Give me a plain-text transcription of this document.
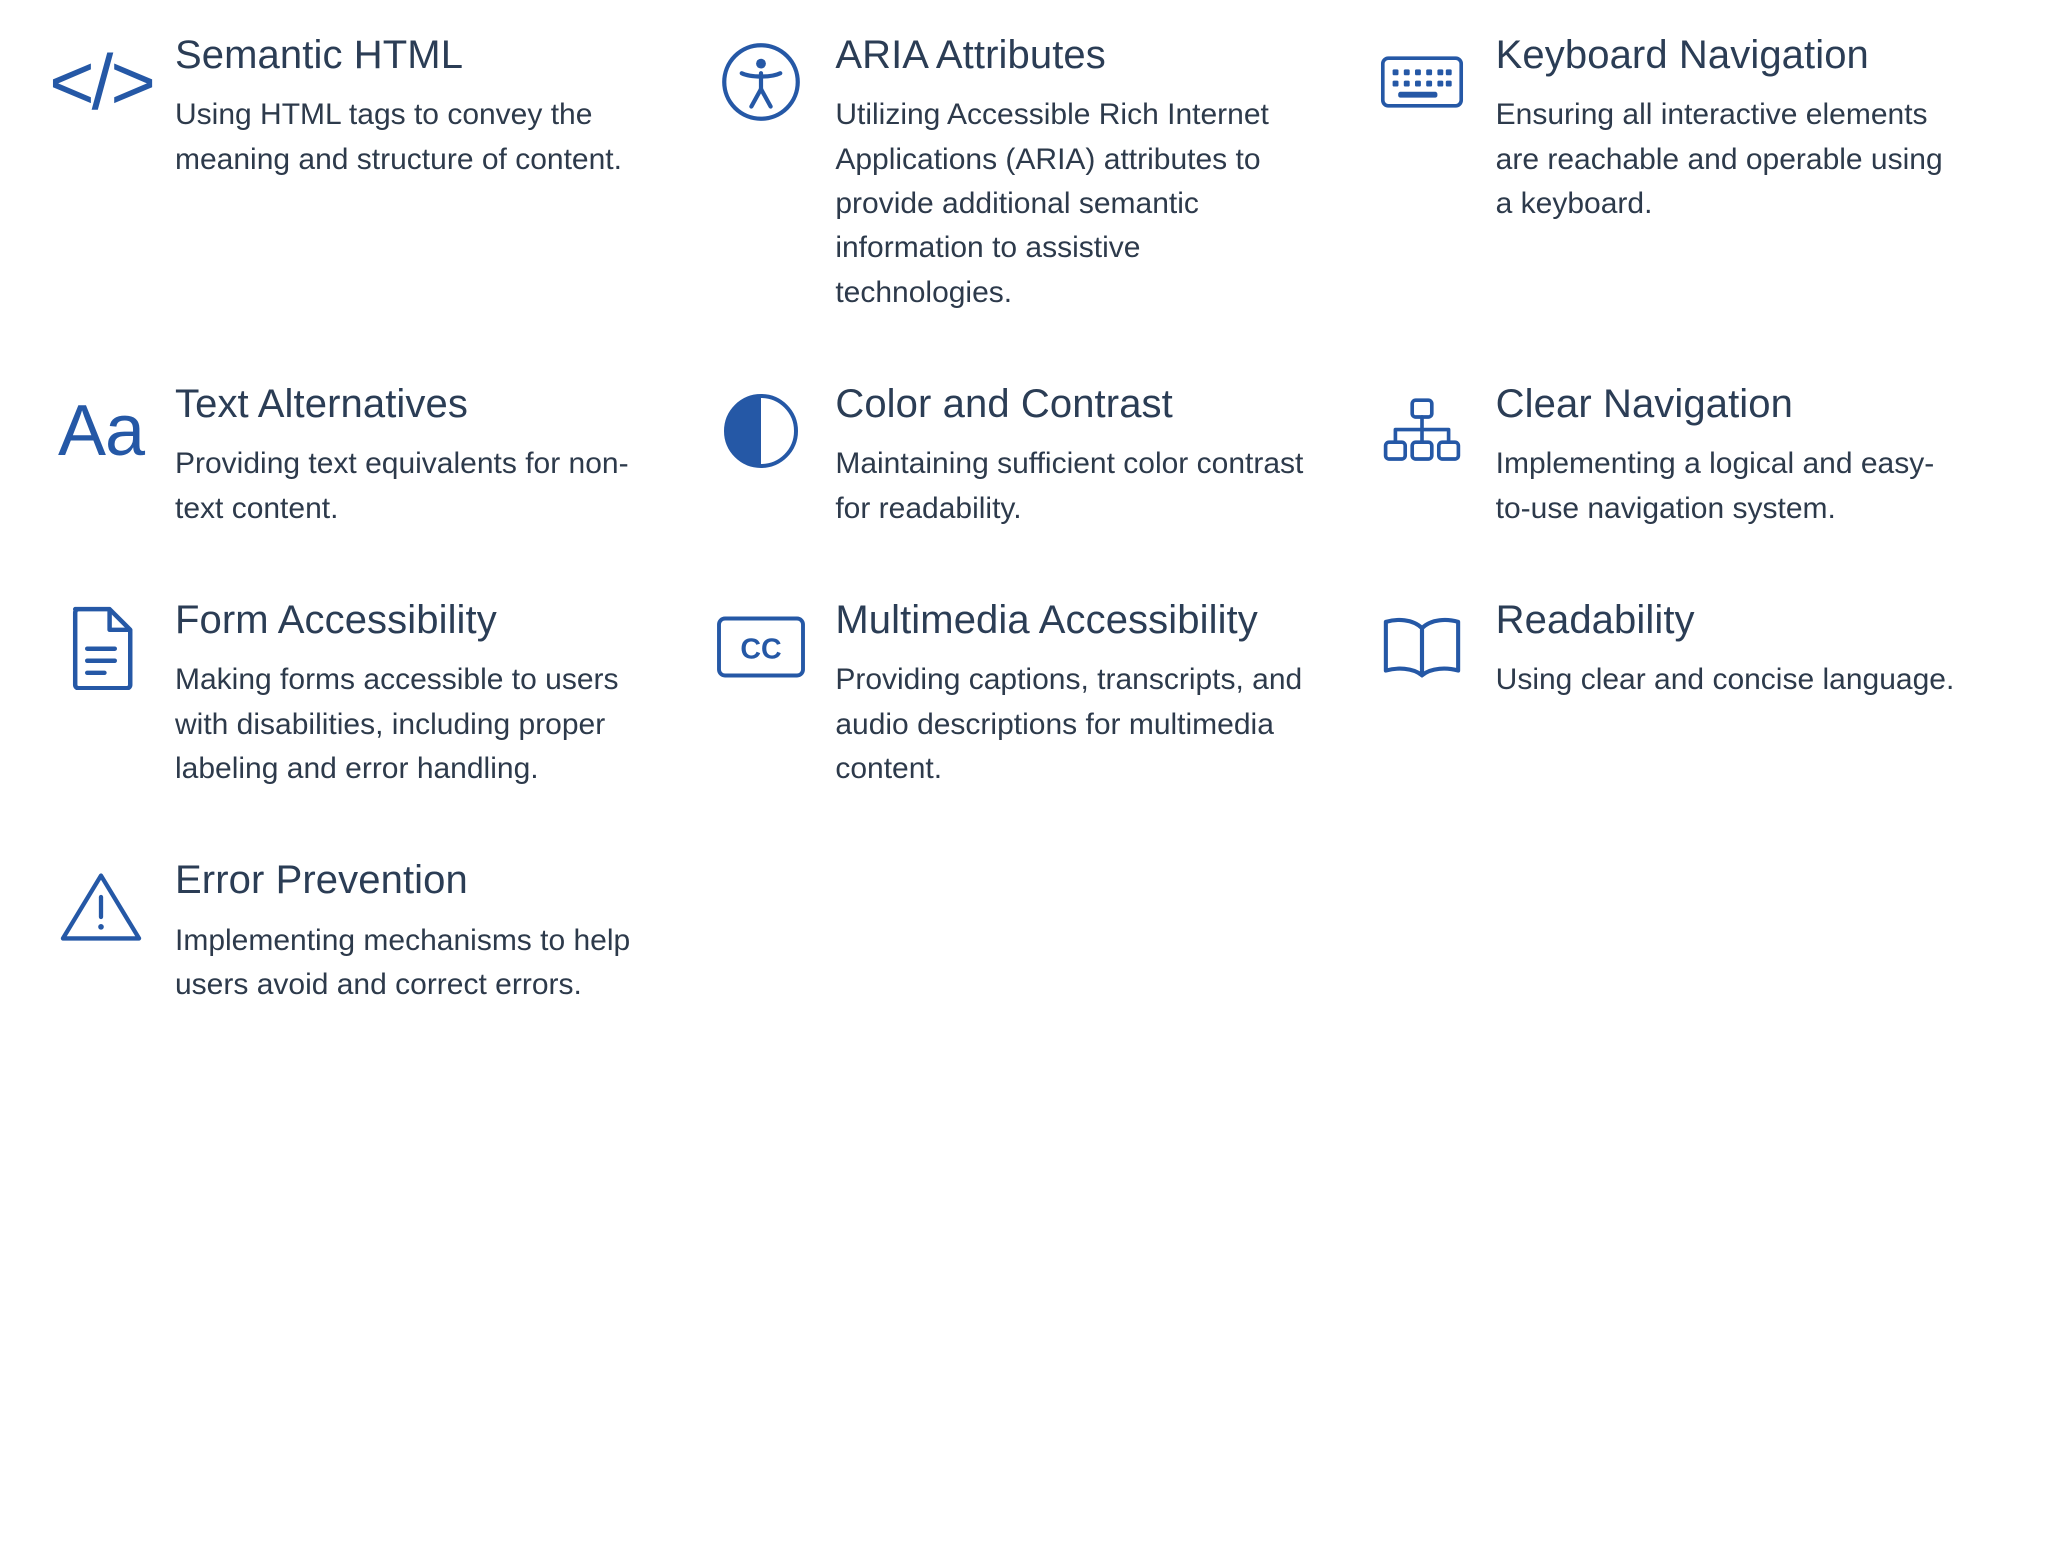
</> Semantic HTML

Using HTML tags to convey the meaning and structure of content.

ARIA Attributes

Utilizing Accessible Rich Internet Applications (ARIA) attributes to provide additional semantic information to assistive technologies.

Keyboard Navigation

Ensuring all interactive elements are reachable and operable using a keyboard.

Aa Text Alternatives

Providing text equivalents for non-text content.

Color and Contrast

Maintaining sufficient color contrast for readability.

Clear Navigation

Implementing a logical and easy-to-use navigation system.

Form Accessibility

Making forms accessible to users with disabilities, including proper labeling and error handling.

CC
Multimedia Accessibility

Providing captions, transcripts, and audio descriptions for multimedia content.

Readability

Using clear and concise language.

Error Prevention

Implementing mechanisms to help users avoid and correct errors.
